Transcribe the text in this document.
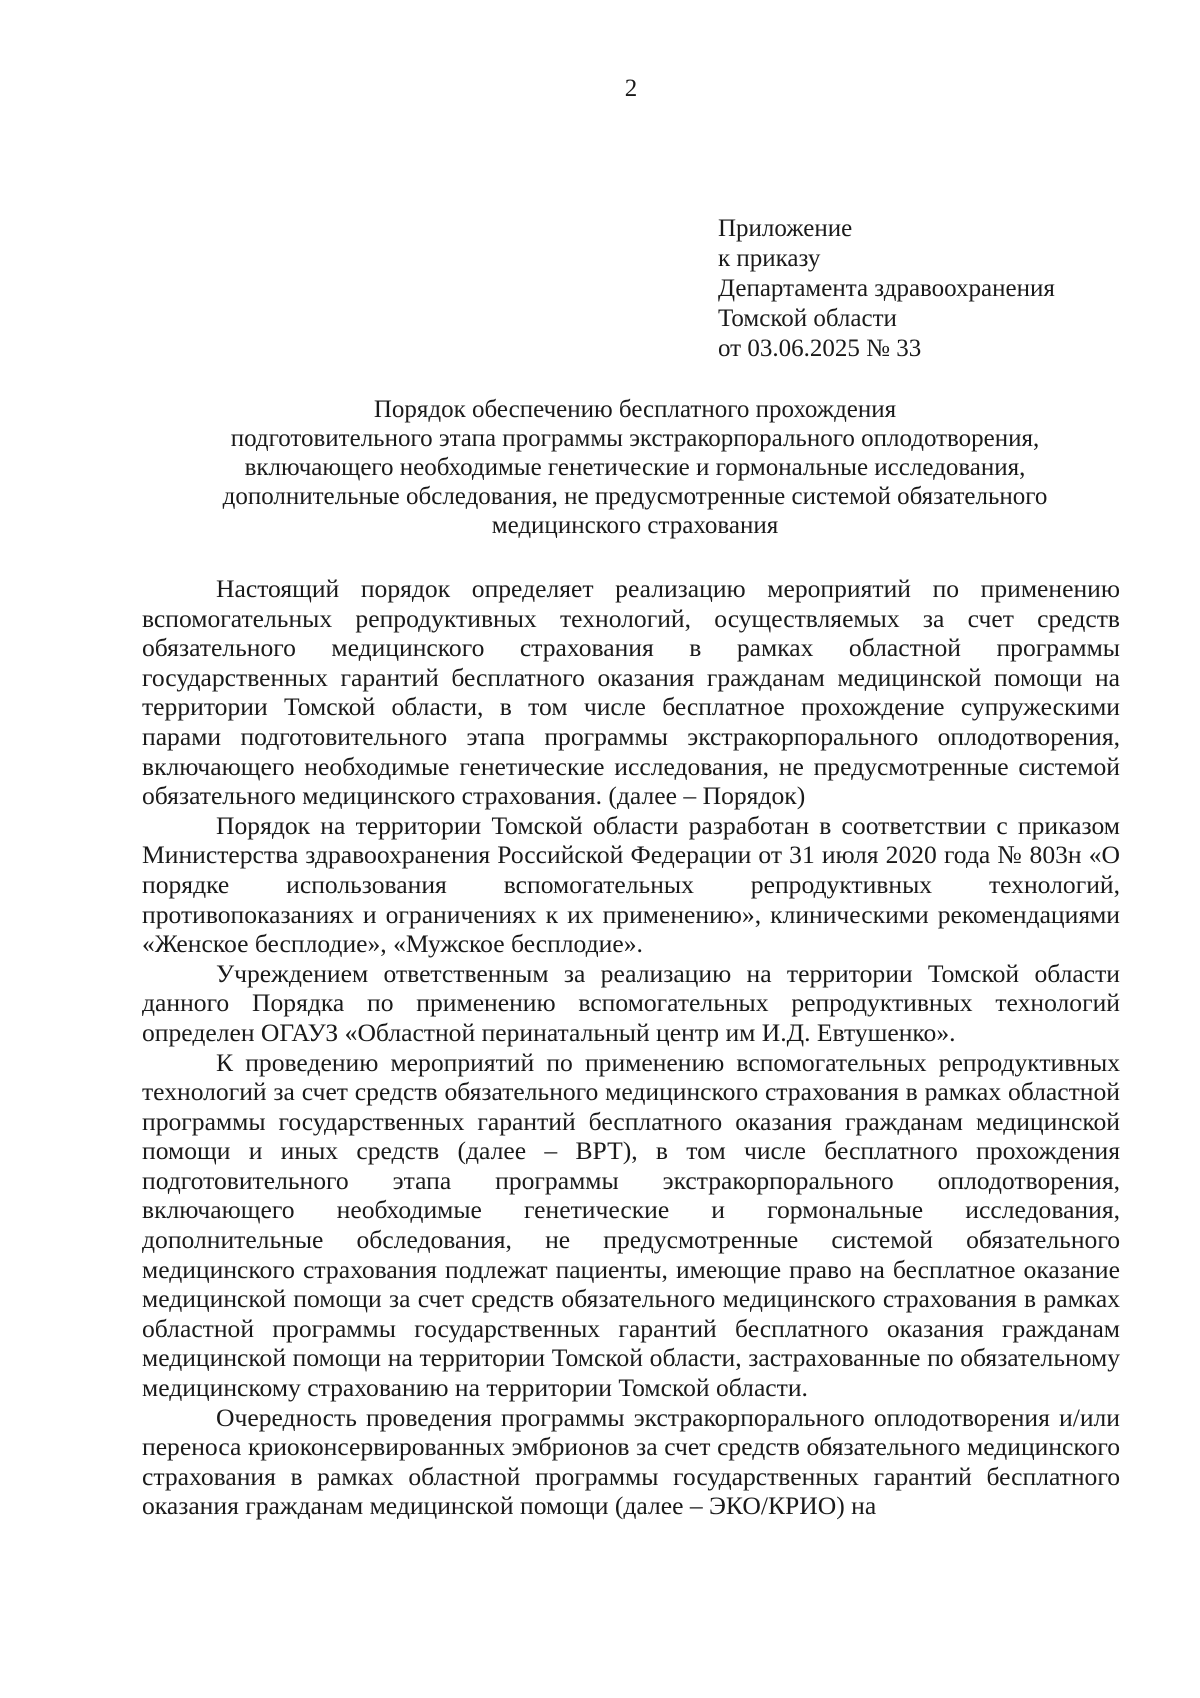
2
Приложение
к приказу
Департамента здравоохранения
Томской области
от 03.06.2025 № 33
Порядок обеспечению бесплатного прохождения
подготовительного этапа программы экстракорпорального оплодотворения,
включающего необходимые генетические и гормональные исследования,
дополнительные обследования, не предусмотренные системой обязательного
медицинского страхования

Настоящий порядок определяет реализацию мероприятий по применению вспомогательных репродуктивных технологий, осуществляемых за счет средств обязательного медицинского страхования в рамках областной программы государственных гарантий бесплатного оказания гражданам медицинской помощи на территории Томской области, в том числе бесплатное прохождение супружескими парами подготовительного этапа программы экстракорпорального оплодотворения, включающего необходимые генетические исследования, не предусмотренные системой обязательного медицинского страхования. (далее – Порядок)

Порядок на территории Томской области разработан в соответствии с приказом Министерства здравоохранения Российской Федерации от 31 июля 2020 года № 803н «О порядке использования вспомогательных репродуктивных технологий, противопоказаниях и ограничениях к их применению», клиническими рекомендациями «Женское бесплодие», «Мужское бесплодие».

Учреждением ответственным за реализацию на территории Томской области данного Порядка по применению вспомогательных репродуктивных технологий определен ОГАУЗ «Областной перинатальный центр им И.Д. Евтушенко».

К проведению мероприятий по применению вспомогательных репродуктивных технологий за счет средств обязательного медицинского страхования в рамках областной программы государственных гарантий бесплатного оказания гражданам медицинской помощи и иных средств (далее – ВРТ), в том числе бесплатного прохождения подготовительного этапа программы экстракорпорального оплодотворения, включающего необходимые генетические и гормональные исследования, дополнительные обследования, не предусмотренные системой обязательного медицинского страхования подлежат пациенты, имеющие право на бесплатное оказание медицинской помощи за счет средств обязательного медицинского страхования в рамках областной программы государственных гарантий бесплатного оказания гражданам медицинской помощи на территории Томской области, застрахованные по обязательному медицинскому страхованию на территории Томской области.

Очередность проведения программы экстракорпорального оплодотворения и/или переноса криоконсервированных эмбрионов за счет средств обязательного медицинского страхования в рамках областной программы государственных гарантий бесплатного оказания гражданам медицинской помощи (далее – ЭКО/КРИО) на
